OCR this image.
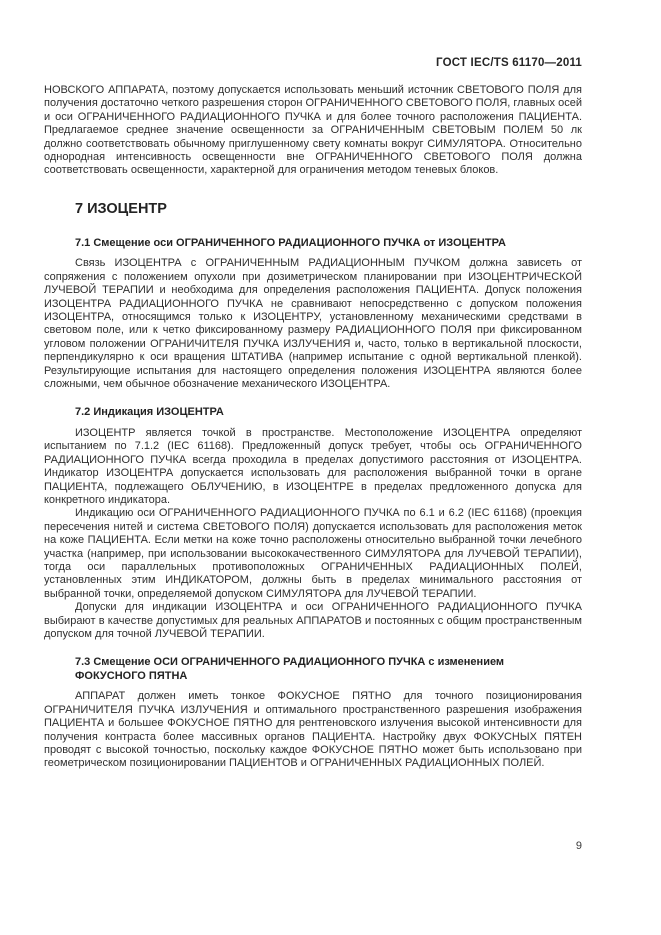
ГОСТ IEC/TS 61170—2011

НОВСКОГО АППАРАТА, поэтому допускается использовать меньший источник СВЕТОВОГО ПОЛЯ для получения достаточно четкого разрешения сторон ОГРАНИЧЕННОГО СВЕТОВОГО ПОЛЯ, главных осей и оси ОГРАНИЧЕННОГО РАДИАЦИОННОГО ПУЧКА и для более точного расположения ПАЦИЕНТА. Предлагаемое среднее значение освещенности за ОГРАНИЧЕННЫМ СВЕТОВЫМ ПОЛЕМ 50 лк должно соответствовать обычному приглушенному свету комнаты вокруг СИМУЛЯТОРА. Относительно однородная интенсивность освещенности вне ОГРАНИЧЕННОГО СВЕТОВОГО ПОЛЯ должна соответствовать освещенности, характерной для ограничения методом теневых блоков.

7 ИЗОЦЕНТР
7.1 Смещение оси ОГРАНИЧЕННОГО РАДИАЦИОННОГО ПУЧКА от ИЗОЦЕНТРА

Связь ИЗОЦЕНТРА с ОГРАНИЧЕННЫМ РАДИАЦИОННЫМ ПУЧКОМ должна зависеть от сопряжения с положением опухоли при дозиметрическом планировании при ИЗОЦЕНТРИЧЕСКОЙ ЛУЧЕВОЙ ТЕРАПИИ и необходима для определения расположения ПАЦИЕНТА. Допуск положения ИЗОЦЕНТРА РАДИАЦИОННОГО ПУЧКА не сравнивают непосредственно с допуском положения ИЗОЦЕНТРА, относящимся только к ИЗОЦЕНТРУ, установленному механическими средствами в световом поле, или к четко фиксированному размеру РАДИАЦИОННОГО ПОЛЯ при фиксированном угловом положении ОГРАНИЧИТЕЛЯ ПУЧКА ИЗЛУЧЕНИЯ и, часто, только в вертикальной плоскости, перпендикулярно к оси вращения ШТАТИВА (например испытание с одной вертикальной пленкой). Результирующие испытания для настоящего определения положения ИЗОЦЕНТРА являются более сложными, чем обычное обозначение механического ИЗОЦЕНТРА.

7.2 Индикация ИЗОЦЕНТРА

ИЗОЦЕНТР является точкой в пространстве. Местоположение ИЗОЦЕНТРА определяют испытанием по 7.1.2 (IEC 61168). Предложенный допуск требует, чтобы ось ОГРАНИЧЕННОГО РАДИАЦИОННОГО ПУЧКА всегда проходила в пределах допустимого расстояния от ИЗОЦЕНТРА. Индикатор ИЗОЦЕНТРА допускается использовать для расположения выбранной точки в органе ПАЦИЕНТА, подлежащего ОБЛУЧЕНИЮ, в ИЗОЦЕНТРЕ в пределах предложенного допуска для конкретного индикатора.

Индикацию оси ОГРАНИЧЕННОГО РАДИАЦИОННОГО ПУЧКА по 6.1 и 6.2 (IEC 61168) (проекция пересечения нитей и система СВЕТОВОГО ПОЛЯ) допускается использовать для расположения меток на коже ПАЦИЕНТА. Если метки на коже точно расположены относительно выбранной точки лечебного участка (например, при использовании высококачественного СИМУЛЯТОРА для ЛУЧЕВОЙ ТЕРАПИИ), тогда оси параллельных противоположных ОГРАНИЧЕННЫХ РАДИАЦИОННЫХ ПОЛЕЙ, установленных этим ИНДИКАТОРОМ, должны быть в пределах минимального расстояния от выбранной точки, определяемой допуском СИМУЛЯТОРА для ЛУЧЕВОЙ ТЕРАПИИ.

Допуски для индикации ИЗОЦЕНТРА и оси ОГРАНИЧЕННОГО РАДИАЦИОННОГО ПУЧКА выбирают в качестве допустимых для реальных АППАРАТОВ и постоянных с общим пространственным допуском для точной ЛУЧЕВОЙ ТЕРАПИИ.

7.3 Смещение ОСИ ОГРАНИЧЕННОГО РАДИАЦИОННОГО ПУЧКА с изменением ФОКУСНОГО ПЯТНА

АППАРАТ должен иметь тонкое ФОКУСНОЕ ПЯТНО для точного позиционирования ОГРАНИЧИТЕЛЯ ПУЧКА ИЗЛУЧЕНИЯ и оптимального пространственного разрешения изображения ПАЦИЕНТА и большее ФОКУСНОЕ ПЯТНО для рентгеновского излучения высокой интенсивности для получения контраста более массивных органов ПАЦИЕНТА. Настройку двух ФОКУСНЫХ ПЯТЕН проводят с высокой точностью, поскольку каждое ФОКУСНОЕ ПЯТНО может быть использовано при геометрическом позиционировании ПАЦИЕНТОВ и ОГРАНИЧЕННЫХ РАДИАЦИОННЫХ ПОЛЕЙ.

9
